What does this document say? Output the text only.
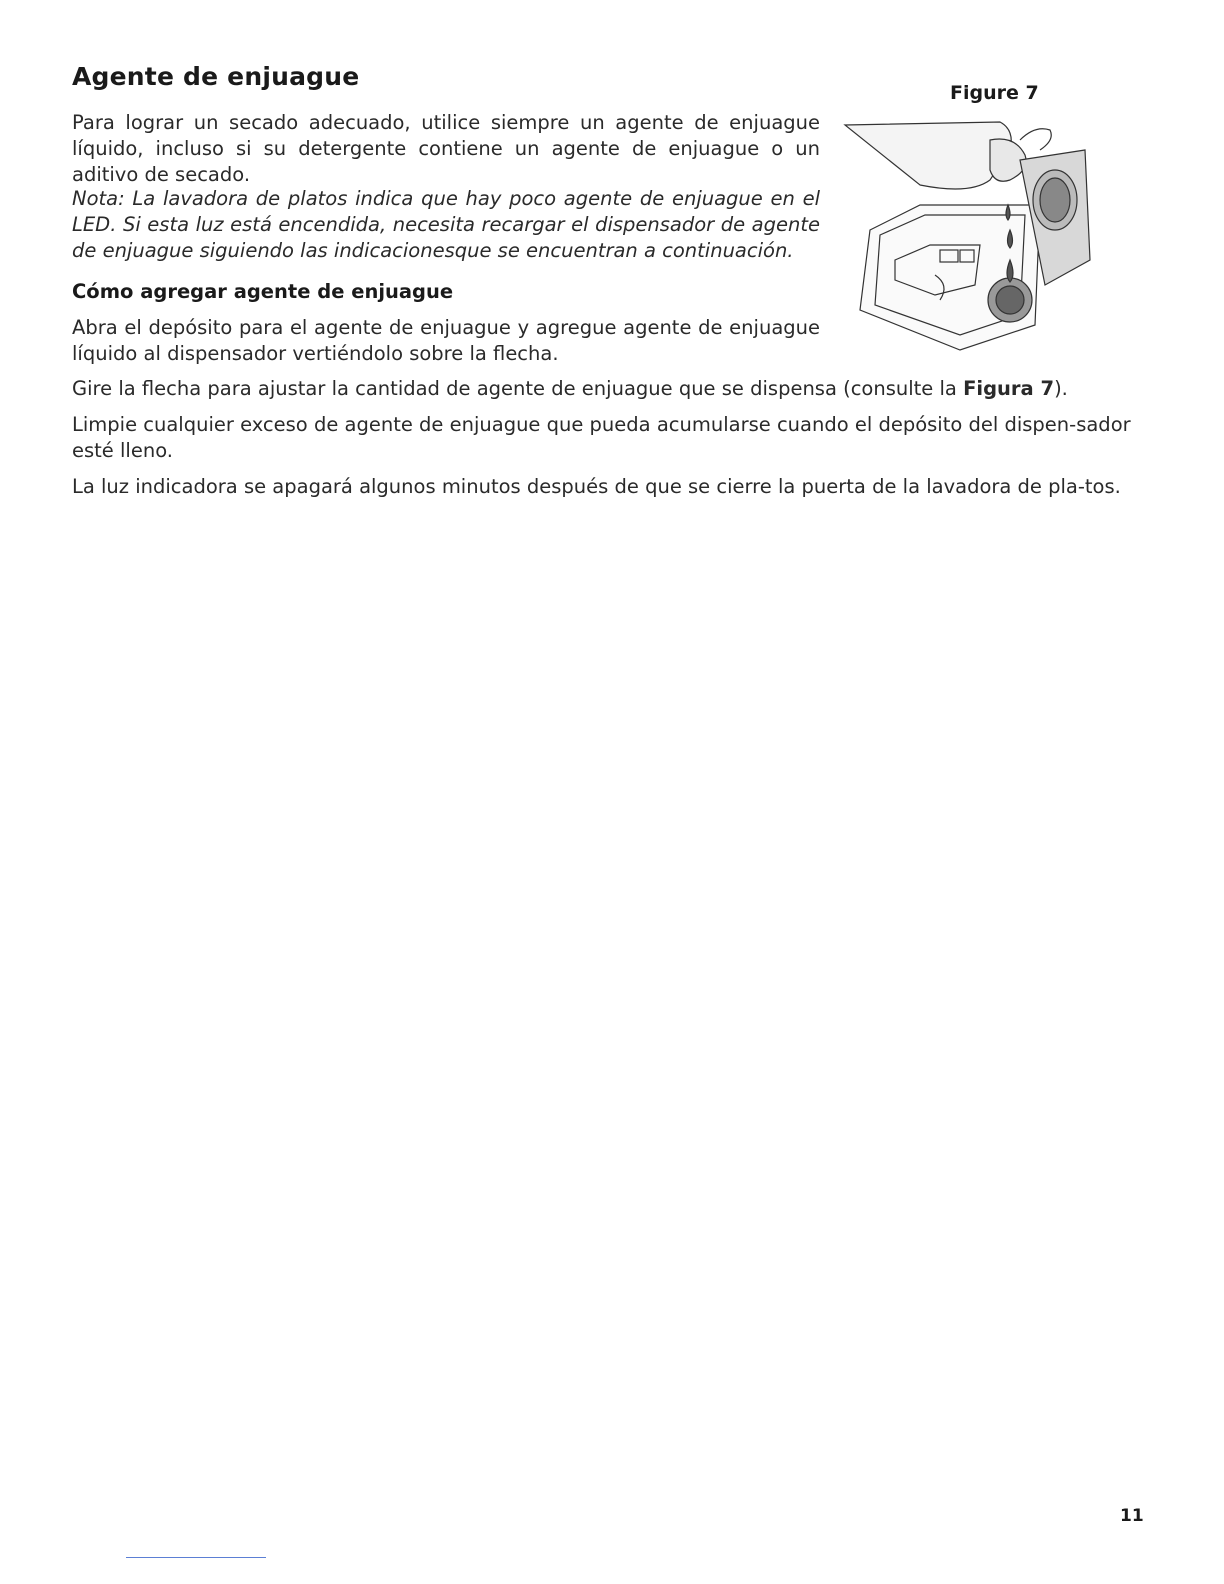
Agente de enjuague
Figure 7

Para lograr un secado adecuado, utilice siempre un agente de enjuague líquido, incluso si su detergente contiene un agente de enjuague o un aditivo de secado.

Nota: La lavadora de platos indica que hay poco agente de enjuague en el LED. Si esta luz está encendida, necesita recargar el dispensador de agente de enjuague siguiendo las indicacionesque se encuentran a continuación.

Cómo agregar agente de enjuague

Abra el depósito para el agente de enjuague y agregue agente de enjuague líquido al dispensador vertiéndolo sobre la flecha.

Gire la flecha para ajustar la cantidad de agente de enjuague que se dispensa (consulte la Figura 7).

Limpie cualquier exceso de agente de enjuague que pueda acumularse cuando el depósito del dispen-sador esté lleno.

La luz indicadora se apagará algunos minutos después de que se cierre la puerta de la lavadora de pla-tos.

11
